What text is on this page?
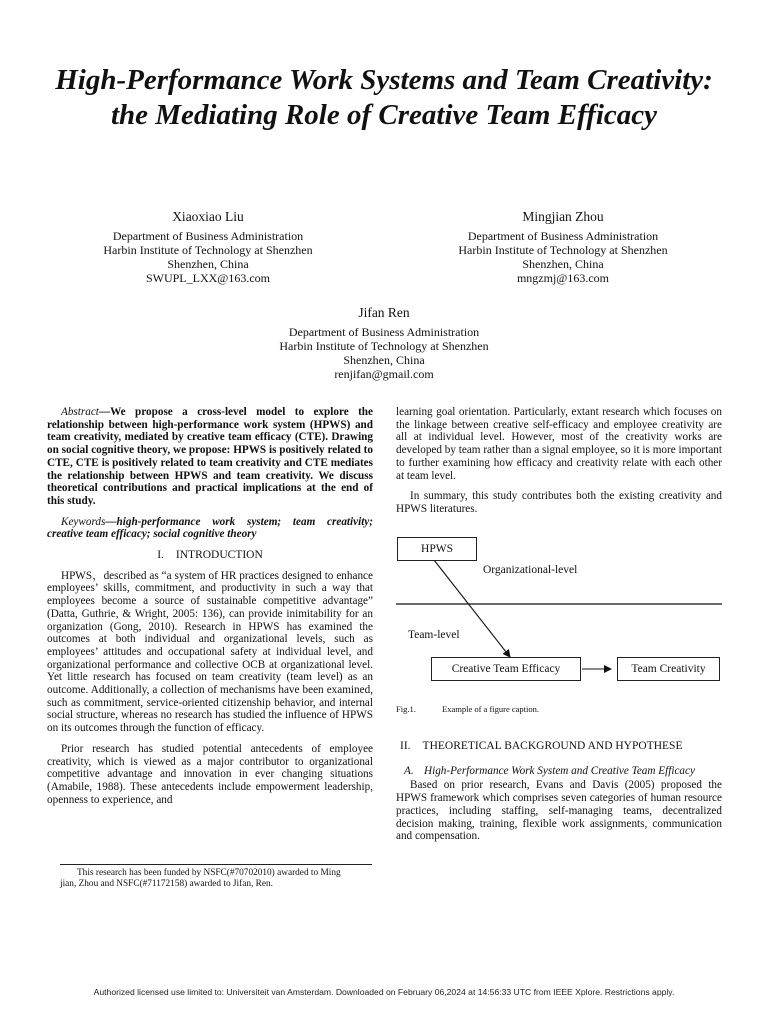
High-Performance Work Systems and Team Creativity: the Mediating Role of Creative Team Efficacy
Xiaoxiao Liu
Department of Business Administration
Harbin Institute of Technology at Shenzhen
Shenzhen, China
SWUPL_LXX@163.com
Mingjian Zhou
Department of Business Administration
Harbin Institute of Technology at Shenzhen
Shenzhen, China
mngzmj@163.com
Jifan Ren
Department of Business Administration
Harbin Institute of Technology at Shenzhen
Shenzhen, China
renjifan@gmail.com

Abstract—We propose a cross-level model to explore the relationship between high-performance work system (HPWS) and team creativity, mediated by creative team efficacy (CTE). Drawing on social cognitive theory, we propose: HPWS is positively related to CTE, CTE is positively related to team creativity and CTE mediates the relationship between HPWS and team creativity. We discuss theoretical contributions and practical implications at the end of this study.

Keywords—high-performance work system; team creativity; creative team efficacy; social cognitive theory

I. INTRODUCTION

HPWS，described as “a system of HR practices designed to enhance employees’ skills, commitment, and productivity in such a way that employees become a source of sustainable competitive advantage” (Datta, Guthrie, & Wright, 2005: 136), can provide inimitability for an organization (Gong, 2010). Research in HPWS has examined the outcomes at both individual and organizational levels, such as employees’ attitudes and occupational safety at individual level, and organizational performance and collective OCB at organizational level. Yet little research has focused on team creativity (team level) as an outcome. Additionally, a collection of mechanisms have been examined, such as commitment, service-oriented citizenship behavior, and internal social structure, whereas no research has studied the influence of HPWS on its outcomes through the function of efficacy.

Prior research has studied potential antecedents of employee creativity, which is viewed as a major contributor to organizational competitive advantage and innovation in ever changing situations (Amabile, 1988). These antecedents include empowerment leadership, openness to experience, and

This research has been funded by NSFC(#70702010) awarded to Ming
jian, Zhou and NSFC(#71172158) awarded to Jifan, Ren.

learning goal orientation. Particularly, extant research which focuses on the linkage between creative self-efficacy and employee creativity are all at individual level. However, most of the creativity works are developed by team rather than a signal employee, so it is more important to further examining how efficacy and creativity relate with each other at team level.

In summary, this study contributes both the existing creativity and HPWS literatures.

HPWS
Organizational-level
Team-level
Creative Team Efficacy	Team Creativity
Fig.1.	Example of a figure caption.
II. THEORETICAL BACKGROUND AND HYPOTHESE
A. High-Performance Work System and Creative Team Efficacy

Based on prior research, Evans and Davis (2005) proposed the HPWS framework which comprises seven categories of human resource practices, including staffing, self-managing teams, decentralized decision making, training, flexible work assignments, communication and compensation.

Authorized licensed use limited to: Universiteit van Amsterdam. Downloaded on February 06,2024 at 14:56:33 UTC from IEEE Xplore. Restrictions apply.
